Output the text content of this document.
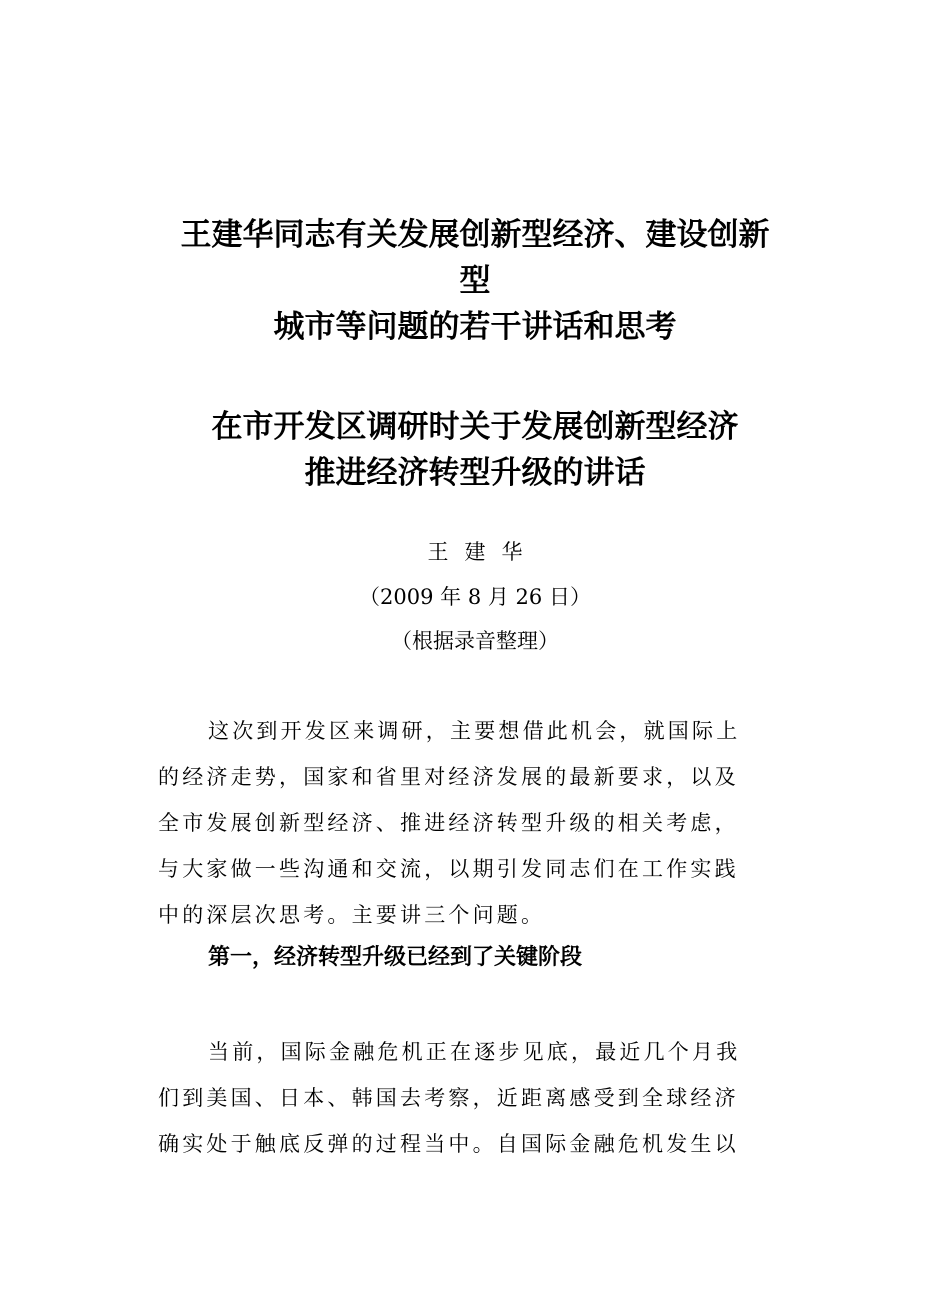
王建华同志有关发展创新型经济、建设创新
型
城市等问题的若干讲话和思考
在市开发区调研时关于发展创新型经济
推进经济转型升级的讲话
王建华
（2009 年 8 月 26 日）
（根据录音整理）
这次到开发区来调研，主要想借此机会，就国际上
的经济走势，国家和省里对经济发展的最新要求，以及
全市发展创新型经济、推进经济转型升级的相关考虑，
与大家做一些沟通和交流，以期引发同志们在工作实践
中的深层次思考。主要讲三个问题。
第一，经济转型升级已经到了关键阶段
当前，国际金融危机正在逐步见底，最近几个月我
们到美国、日本、韩国去考察，近距离感受到全球经济
确实处于触底反弹的过程当中。自国际金融危机发生以
